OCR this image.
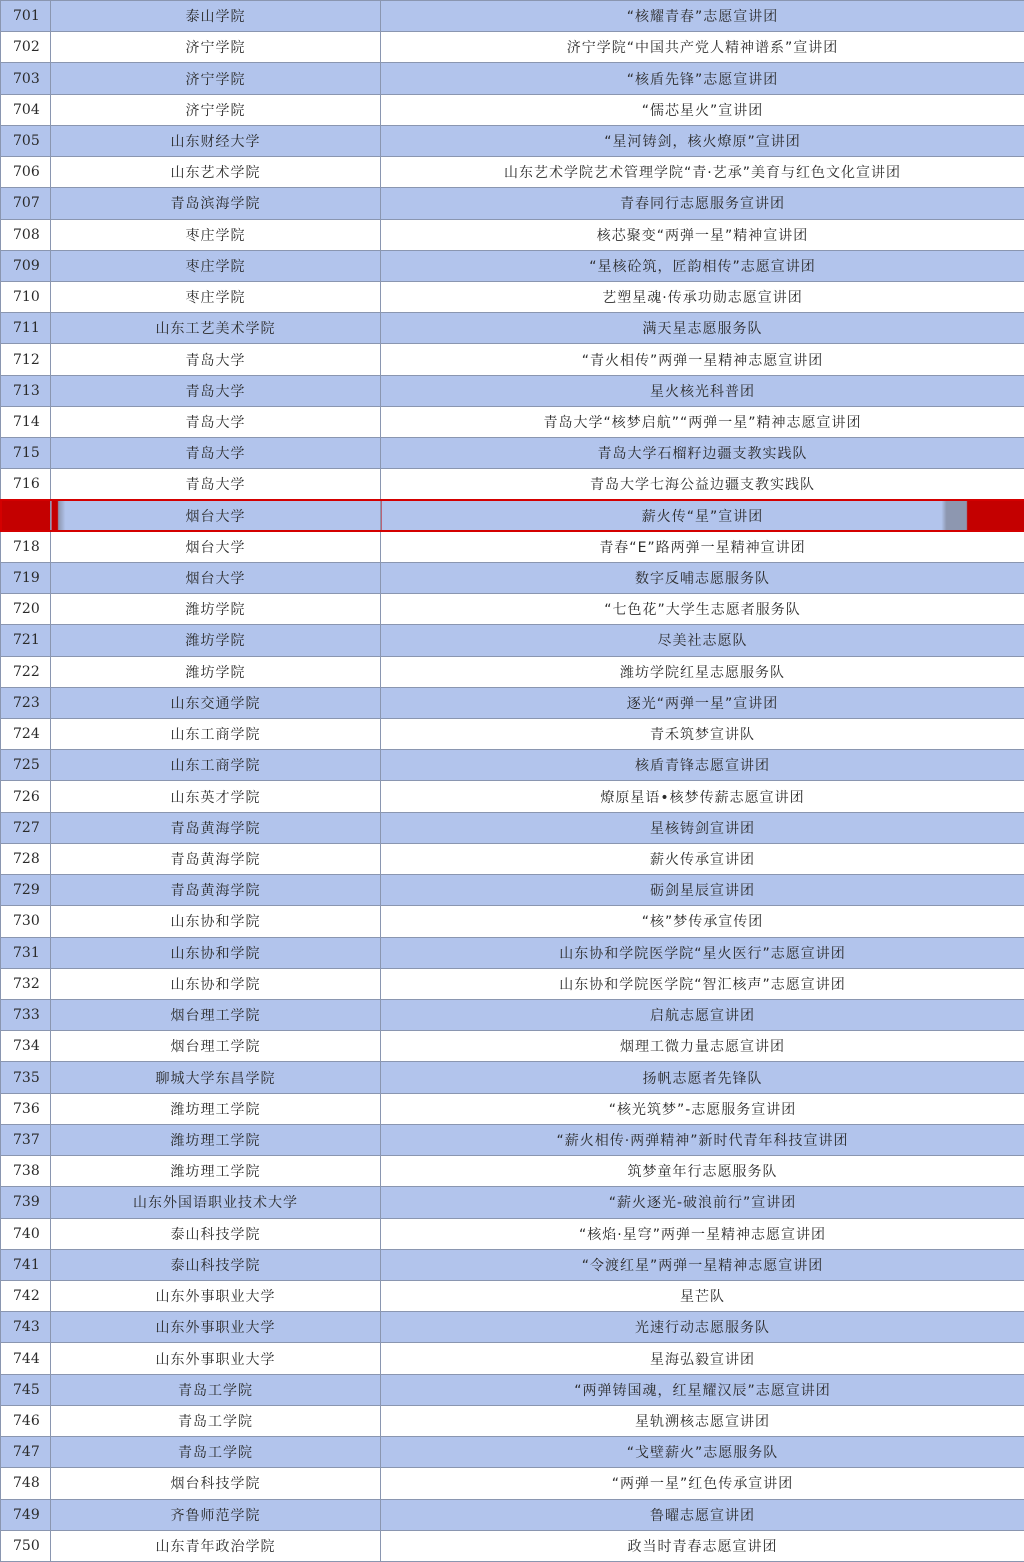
701	泰山学院	“核耀青春”志愿宣讲团
702	济宁学院	济宁学院“中国共产党人精神谱系”宣讲团
703	济宁学院	“核盾先锋”志愿宣讲团
704	济宁学院	“儒芯星火”宣讲团
705	山东财经大学	“星河铸剑，核火燎原”宣讲团
706	山东艺术学院	山东艺术学院艺术管理学院“青·艺承”美育与红色文化宣讲团
707	青岛滨海学院	青春同行志愿服务宣讲团
708	枣庄学院	核芯聚变“两弹一星”精神宣讲团
709	枣庄学院	“星核砼筑，匠韵相传”志愿宣讲团
710	枣庄学院	艺塑星魂·传承功勋志愿宣讲团
711	山东工艺美术学院	满天星志愿服务队
712	青岛大学	“青火相传”两弹一星精神志愿宣讲团
713	青岛大学	星火核光科普团
714	青岛大学	青岛大学“核梦启航”“两弹一星”精神志愿宣讲团
715	青岛大学	青岛大学石榴籽边疆支教实践队
716	青岛大学	青岛大学七海公益边疆支教实践队
	烟台大学	薪火传“星”宣讲团
718	烟台大学	青春“E”路两弹一星精神宣讲团
719	烟台大学	数字反哺志愿服务队
720	潍坊学院	“七色花”大学生志愿者服务队
721	潍坊学院	尽美社志愿队
722	潍坊学院	潍坊学院红星志愿服务队
723	山东交通学院	逐光“两弹一星”宣讲团
724	山东工商学院	青禾筑梦宣讲队
725	山东工商学院	核盾青锋志愿宣讲团
726	山东英才学院	燎原星语•核梦传薪志愿宣讲团
727	青岛黄海学院	星核铸剑宣讲团
728	青岛黄海学院	薪火传承宣讲团
729	青岛黄海学院	砺剑星辰宣讲团
730	山东协和学院	“核”梦传承宣传团
731	山东协和学院	山东协和学院医学院“星火医行”志愿宣讲团
732	山东协和学院	山东协和学院医学院“智汇核声”志愿宣讲团
733	烟台理工学院	启航志愿宣讲团
734	烟台理工学院	烟理工微力量志愿宣讲团
735	聊城大学东昌学院	扬帆志愿者先锋队
736	潍坊理工学院	“核光筑梦”-志愿服务宣讲团
737	潍坊理工学院	“薪火相传·两弹精神”新时代青年科技宣讲团
738	潍坊理工学院	筑梦童年行志愿服务队
739	山东外国语职业技术大学	“薪火逐光-破浪前行”宣讲团
740	泰山科技学院	“核焰·星穹”两弹一星精神志愿宣讲团
741	泰山科技学院	“令渡红星”两弹一星精神志愿宣讲团
742	山东外事职业大学	星芒队
743	山东外事职业大学	光速行动志愿服务队
744	山东外事职业大学	星海弘毅宣讲团
745	青岛工学院	“两弹铸国魂，红星耀汉辰”志愿宣讲团
746	青岛工学院	星轨溯核志愿宣讲团
747	青岛工学院	“戈壁薪火”志愿服务队
748	烟台科技学院	“两弹一星”红色传承宣讲团
749	齐鲁师范学院	鲁曜志愿宣讲团
750	山东青年政治学院	政当时青春志愿宣讲团
